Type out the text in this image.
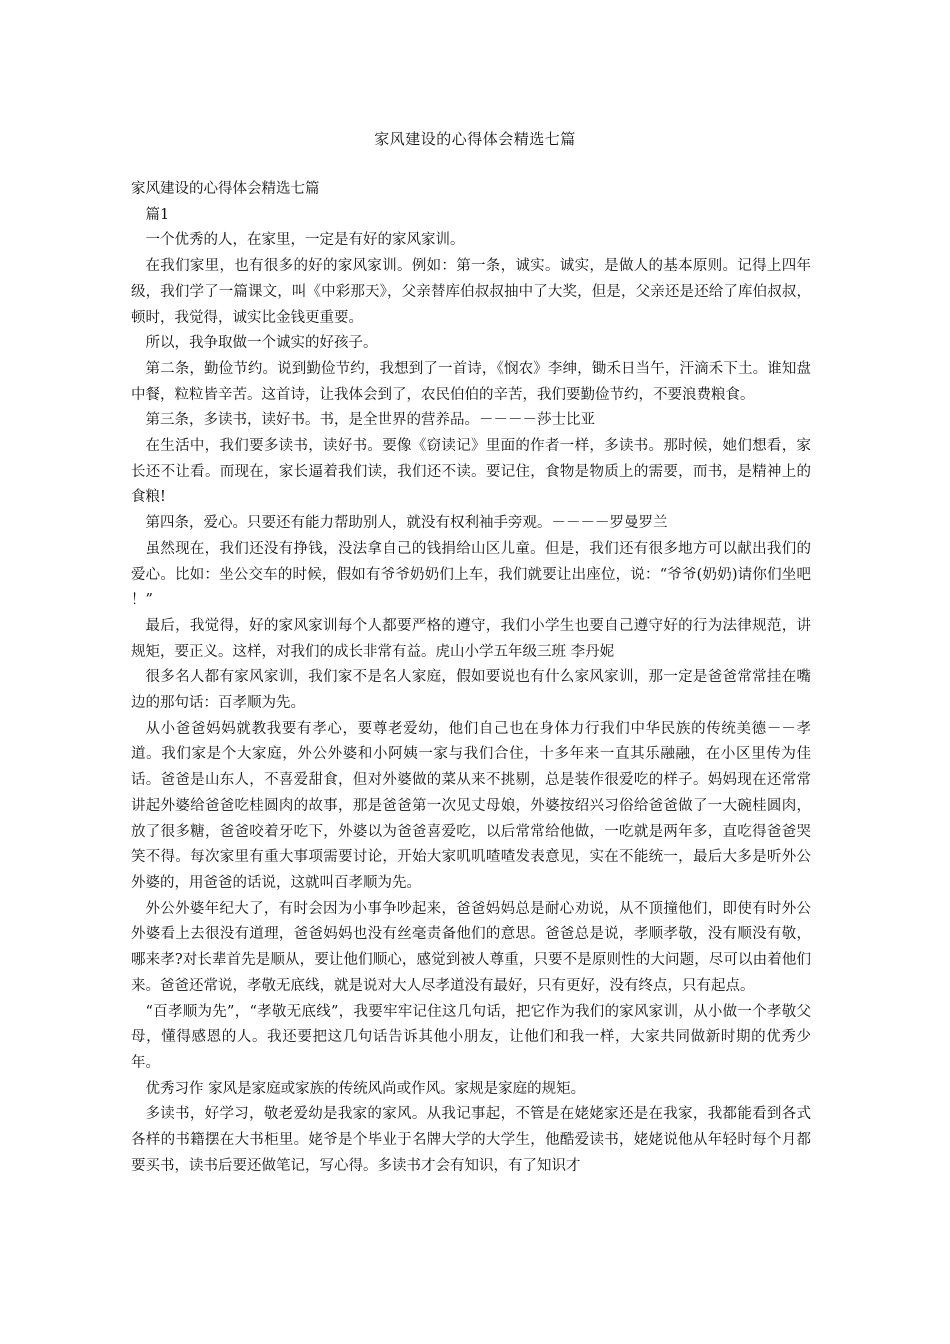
家风建设的心得体会精选七篇

家风建设的心得体会精选七篇

篇1

一个优秀的人，在家里，一定是有好的家风家训。

在我们家里，也有很多的好的家风家训。例如：第一条，诚实。诚实，是做人的基本原则。记得上四年级，我们学了一篇课文，叫《中彩那天》，父亲替库伯叔叔抽中了大奖，但是，父亲还是还给了库伯叔叔，顿时，我觉得，诚实比金钱更重要。

所以，我争取做一个诚实的好孩子。

第二条，勤俭节约。说到勤俭节约，我想到了一首诗，《悯农》李绅，锄禾日当午，汗滴禾下土。谁知盘中餐，粒粒皆辛苦。这首诗，让我体会到了，农民伯伯的辛苦，我们要勤俭节约，不要浪费粮食。

第三条，多读书，读好书。书，是全世界的营养品。－－－－莎士比亚

在生活中，我们要多读书，读好书。要像《窃读记》里面的作者一样，多读书。那时候，她们想看，家长还不让看。而现在，家长逼着我们读，我们还不读。要记住，食物是物质上的需要，而书，是精神上的食粮!

第四条，爱心。只要还有能力帮助别人，就没有权利袖手旁观。－－－－罗曼罗兰

虽然现在，我们还没有挣钱，没法拿自己的钱捐给山区儿童。但是，我们还有很多地方可以献出我们的爱心。比如：坐公交车的时候，假如有爷爷奶奶们上车，我们就要让出座位，说：“爷爷(奶奶)请你们坐吧 ！”

最后，我觉得，好的家风家训每个人都要严格的遵守，我们小学生也要自己遵守好的行为法律规范，讲规矩，要正义。这样，对我们的成长非常有益。虎山小学五年级三班 李丹妮

很多名人都有家风家训，我们家不是名人家庭，假如要说也有什么家风家训，那一定是爸爸常常挂在嘴边的那句话：百孝顺为先。

从小爸爸妈妈就教我要有孝心，要尊老爱幼，他们自己也在身体力行我们中华民族的传统美德－－孝道。我们家是个大家庭，外公外婆和小阿姨一家与我们合住，十多年来一直其乐融融，在小区里传为佳话。爸爸是山东人，不喜爱甜食，但对外婆做的菜从来不挑剔，总是装作很爱吃的样子。妈妈现在还常常讲起外婆给爸爸吃桂圆肉的故事，那是爸爸第一次见丈母娘，外婆按绍兴习俗给爸爸做了一大碗桂圆肉，放了很多糖，爸爸咬着牙吃下，外婆以为爸爸喜爱吃，以后常常给他做，一吃就是两年多，直吃得爸爸哭笑不得。每次家里有重大事项需要讨论，开始大家叽叽喳喳发表意见，实在不能统一，最后大多是听外公外婆的，用爸爸的话说，这就叫百孝顺为先。

外公外婆年纪大了，有时会因为小事争吵起来，爸爸妈妈总是耐心劝说，从不顶撞他们，即使有时外公外婆看上去很没有道理，爸爸妈妈也没有丝毫责备他们的意思。爸爸总是说，孝顺孝敬，没有顺没有敬，哪来孝?对长辈首先是顺从，要让他们顺心，感觉到被人尊重，只要不是原则性的大问题，尽可以由着他们来。爸爸还常说，孝敬无底线，就是说对大人尽孝道没有最好，只有更好，没有终点，只有起点。

“百孝顺为先”，“孝敬无底线”，我要牢牢记住这几句话，把它作为我们的家风家训，从小做一个孝敬父母，懂得感恩的人。我还要把这几句话告诉其他小朋友，让他们和我一样，大家共同做新时期的优秀少年。

优秀习作 家风是家庭或家族的传统风尚或作风。家规是家庭的规矩。

多读书，好学习，敬老爱幼是我家的家风。从我记事起，不管是在姥姥家还是在我家，我都能看到各式各样的书籍摆在大书柜里。姥爷是个毕业于名牌大学的大学生，他酷爱读书，姥姥说他从年轻时每个月都要买书，读书后要还做笔记，写心得。多读书才会有知识，有了知识才
